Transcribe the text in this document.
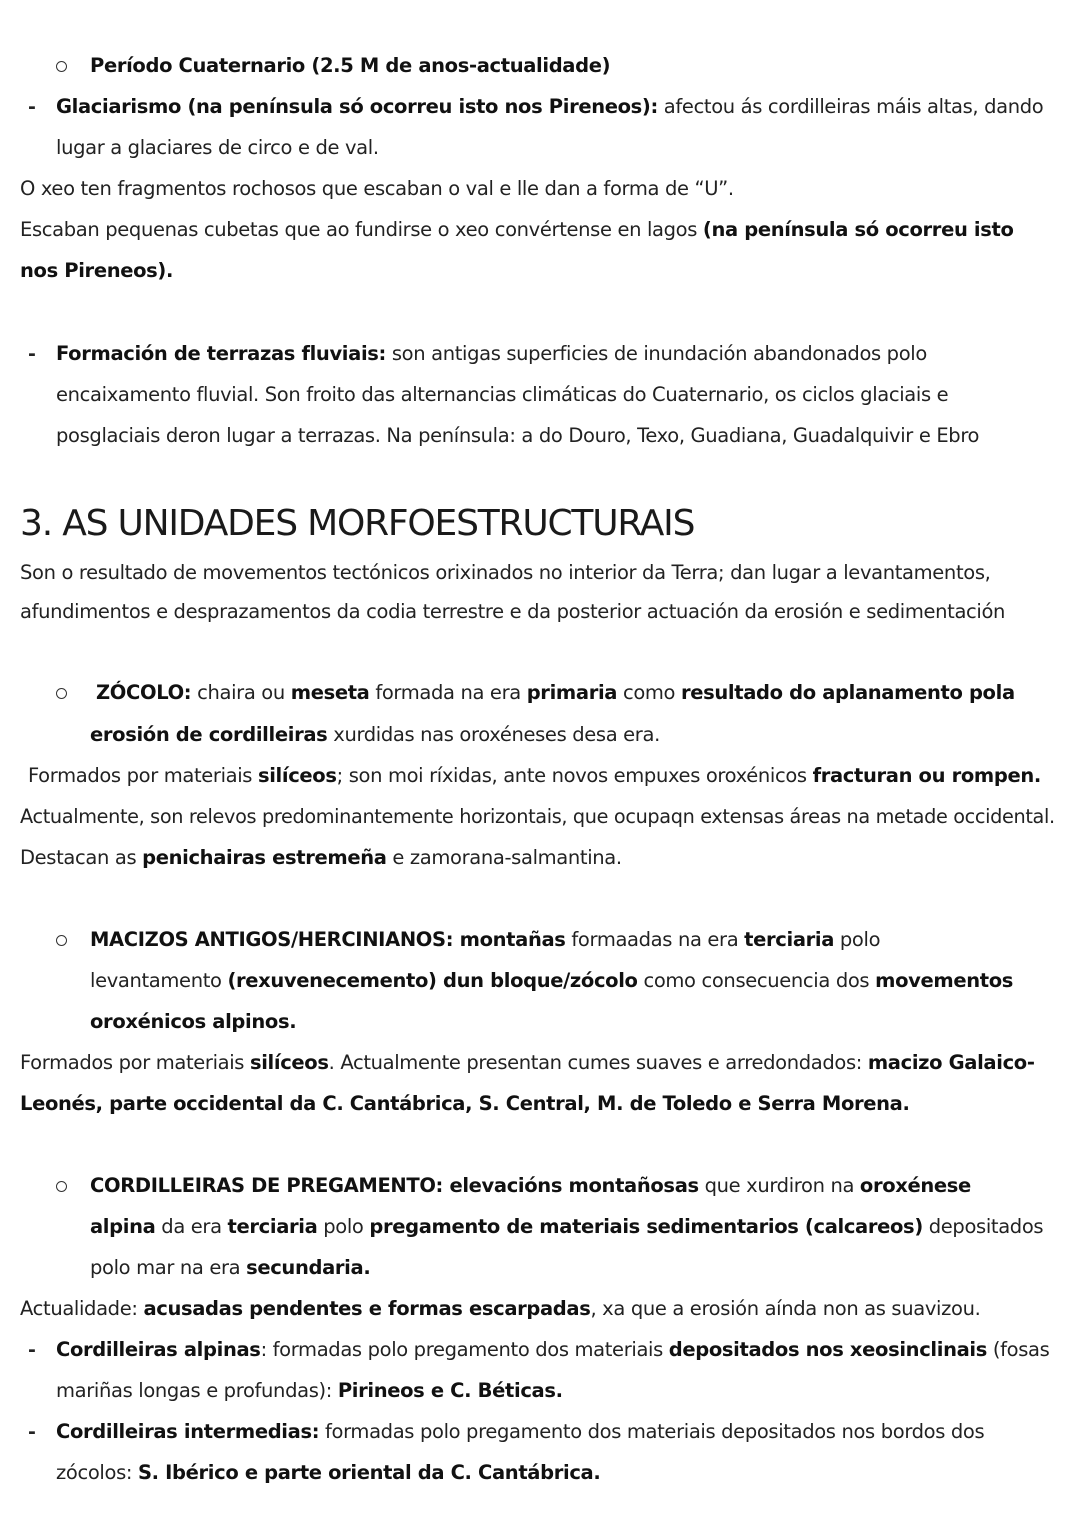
Período Cuaternario (2.5 M de anos-actualidade)
-	Glaciarismo (na península só ocorreu isto nos Pireneos): afectou ás cordilleiras máis altas, dando
lugar a glaciares de circo e de val.
O xeo ten fragmentos rochosos que escaban o val e lle dan a forma de “U”.
Escaban pequenas cubetas que ao fundirse o xeo convértense en lagos (na península só ocorreu isto
nos Pireneos).
-	Formación de terrazas fluviais: son antigas superficies de inundación abandonados polo
encaixamento fluvial. Son froito das alternancias climáticas do Cuaternario, os ciclos glaciais e
posglaciais deron lugar a terrazas. Na península: a do Douro, Texo, Guadiana, Guadalquivir e Ebro
3. AS UNIDADES MORFOESTRUCTURAIS
Son o resultado de movementos tectónicos orixinados no interior da Terra; dan lugar a levantamentos,
afundimentos e desprazamentos da codia terrestre e da posterior actuación da erosión e sedimentación
ZÓCOLO: chaira ou meseta formada na era primaria como resultado do aplanamento pola
erosión de cordilleiras xurdidas nas oroxéneses desa era.
Formados por materiais silíceos; son moi ríxidas, ante novos empuxes oroxénicos fracturan ou rompen.
Actualmente, son relevos predominantemente horizontais, que ocupaqn extensas áreas na metade occidental.
Destacan as penichairas estremeña e zamorana-salmantina.
MACIZOS ANTIGOS/HERCINIANOS: montañas formaadas na era terciaria polo
levantamento (rexuvenecemento) dun bloque/zócolo como consecuencia dos movementos
oroxénicos alpinos.
Formados por materiais silíceos. Actualmente presentan cumes suaves e arredondados: macizo Galaico-
Leonés, parte occidental da C. Cantábrica, S. Central, M. de Toledo e Serra Morena.
CORDILLEIRAS DE PREGAMENTO: elevacións montañosas que xurdiron na oroxénese
alpina da era terciaria polo pregamento de materiais sedimentarios (calcareos) depositados
polo mar na era secundaria.
Actualidade: acusadas pendentes e formas escarpadas, xa que a erosión aínda non as suavizou.
-	Cordilleiras alpinas: formadas polo pregamento dos materiais depositados nos xeosinclinais (fosas
mariñas longas e profundas): Pirineos e C. Béticas.
-	Cordilleiras intermedias: formadas polo pregamento dos materiais depositados nos bordos dos
zócolos: S. Ibérico e parte oriental da C. Cantábrica.
